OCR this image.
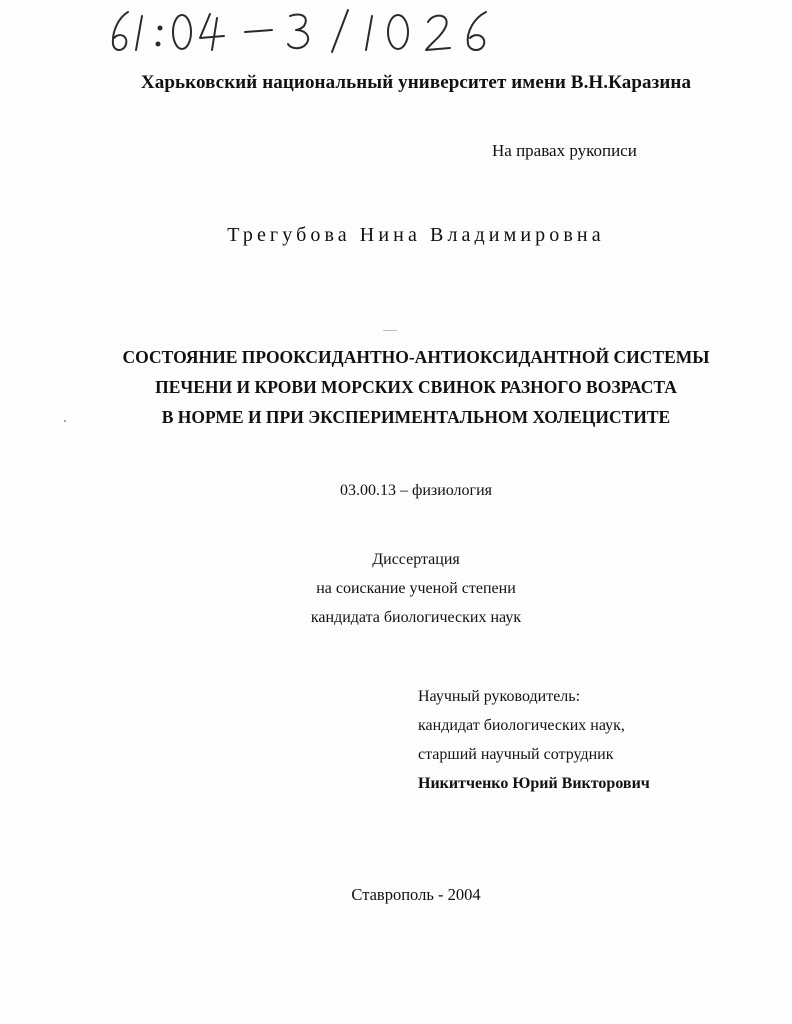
Харьковский национальный университет имени В.Н.Каразина
На правах рукописи
Трегубова Нина Владимировна
СОСТОЯНИЕ ПРООКСИДАНТНО-АНТИОКСИДАНТНОЙ СИСТЕМЫ
ПЕЧЕНИ И КРОВИ МОРСКИХ СВИНОК РАЗНОГО ВОЗРАСТА
В НОРМЕ И ПРИ ЭКСПЕРИМЕНТАЛЬНОМ ХОЛЕЦИСТИТЕ
03.00.13 – физиология
Диссертация
на соискание ученой степени
кандидата биологических наук
Научный руководитель:
кандидат биологических наук,
старший научный сотрудник
Никитченко Юрий Викторович
Ставрополь - 2004
